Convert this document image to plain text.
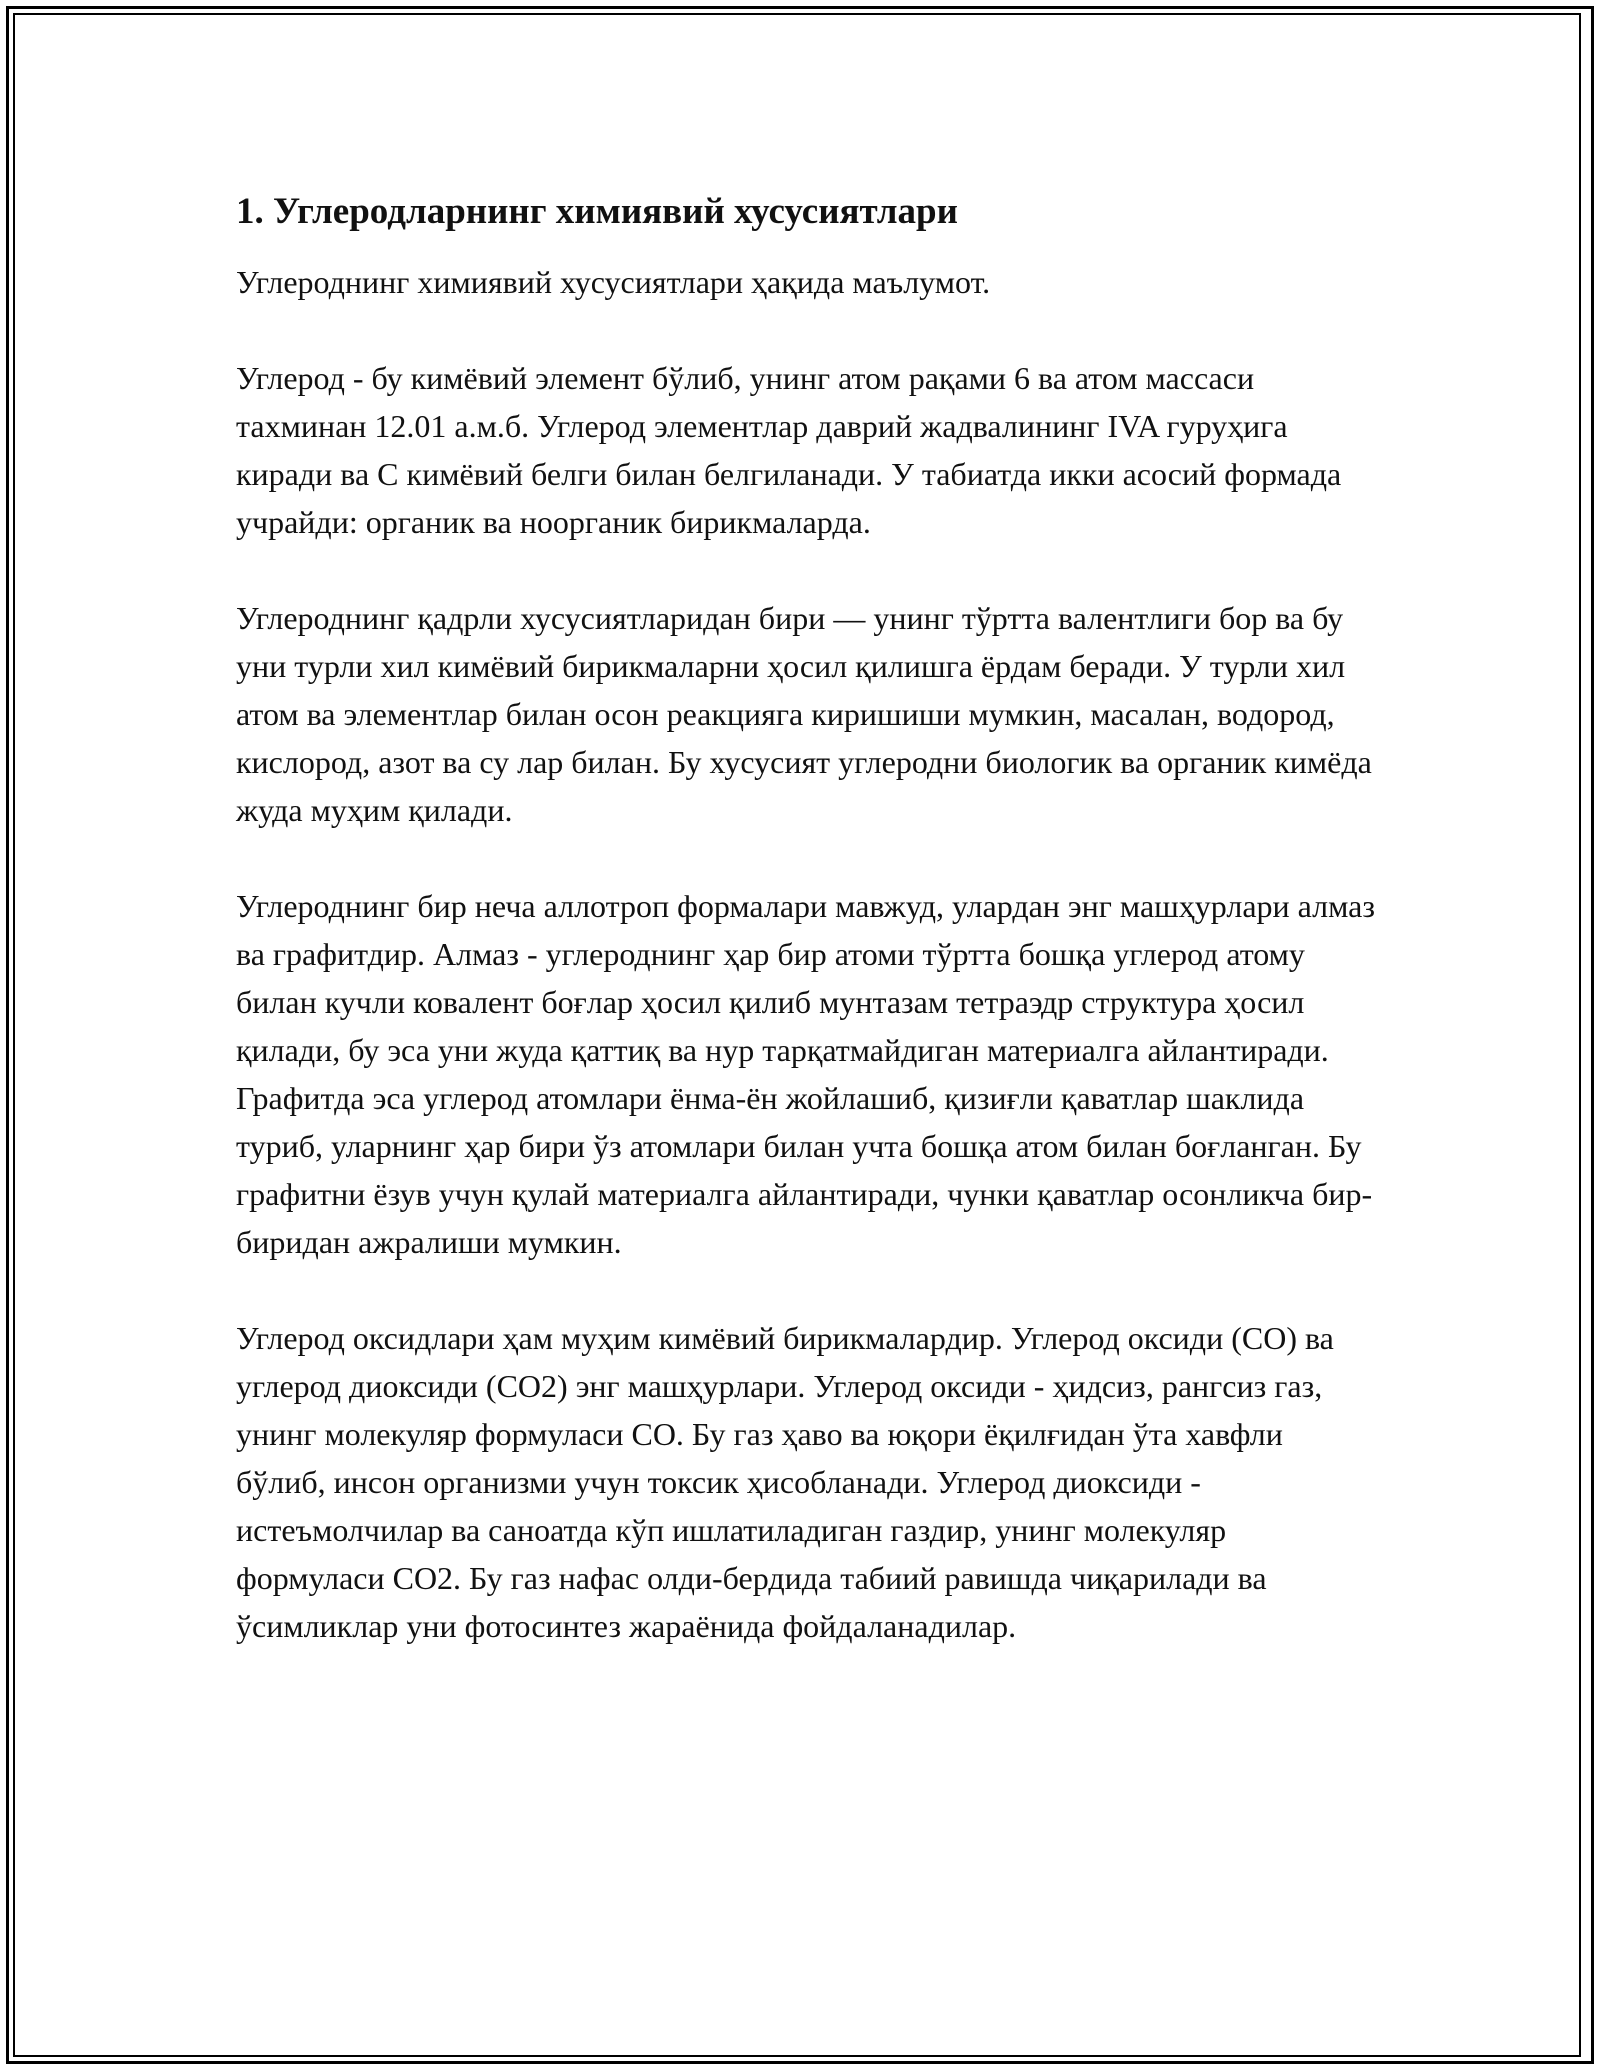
1. Углеродларнинг химиявий хусусиятлари

Углероднинг химиявий хусусиятлари ҳақида маълумот.

Углерод - бу кимёвий элемент бўлиб, унинг атом рақами 6 ва атом массаси тахминан 12.01 а.м.б. Углерод элементлар даврий жадвалининг IVA гуруҳига киради ва C кимёвий белги билан белгиланади. У табиатда икки асосий формада учрайди: органик ва ноорганик бирикмаларда.

Углероднинг қадрли хусусиятларидан бири — унинг тўртта валентлиги бор ва бу уни турли хил кимёвий бирикмаларни ҳосил қилишга ёрдам беради. У турли хил атом ва элементлар билан осон реакцияга киришиши мумкин, масалан, водород, кислород, азот ва су лар билан. Бу хусусият углеродни биологик ва органик кимёда жуда муҳим қилади.

Углероднинг бир неча аллотроп формалари мавжуд, улардан энг машҳурлари алмаз ва графитдир. Алмаз - углероднинг ҳар бир атоми тўртта бошқа углерод атому билан кучли ковалент боғлар ҳосил қилиб мунтазам тетраэдр структура ҳосил қилади, бу эса уни жуда қаттиқ ва нур тарқатмайдиган материалга айлантиради. Графитда эса углерод атомлари ёнма-ён жойлашиб, қизиғли қаватлар шаклида туриб, уларнинг ҳар бири ўз атомлари билан учта бошқа атом билан боғланган. Бу графитни ёзув учун қулай материалга айлантиради, чунки қаватлар осонликча бир-биридан ажралиши мумкин.

Углерод оксидлари ҳам муҳим кимёвий бирикмалардир. Углерод оксиди (CO) ва углерод диоксиди (CO2) энг машҳурлари. Углерод оксиди - ҳидсиз, рангсиз газ, унинг молекуляр формуласи CO. Бу газ ҳаво ва юқори ёқилғидан ўта хавфли бўлиб, инсон организми учун токсик ҳисобланади. Углерод диоксиди - истеъмолчилар ва саноатда кўп ишлатиладиган газдир, унинг молекуляр формуласи CO2. Бу газ нафас олди-бердида табиий равишда чиқарилади ва ўсимликлар уни фотосинтез жараёнида фойдаланадилар.
